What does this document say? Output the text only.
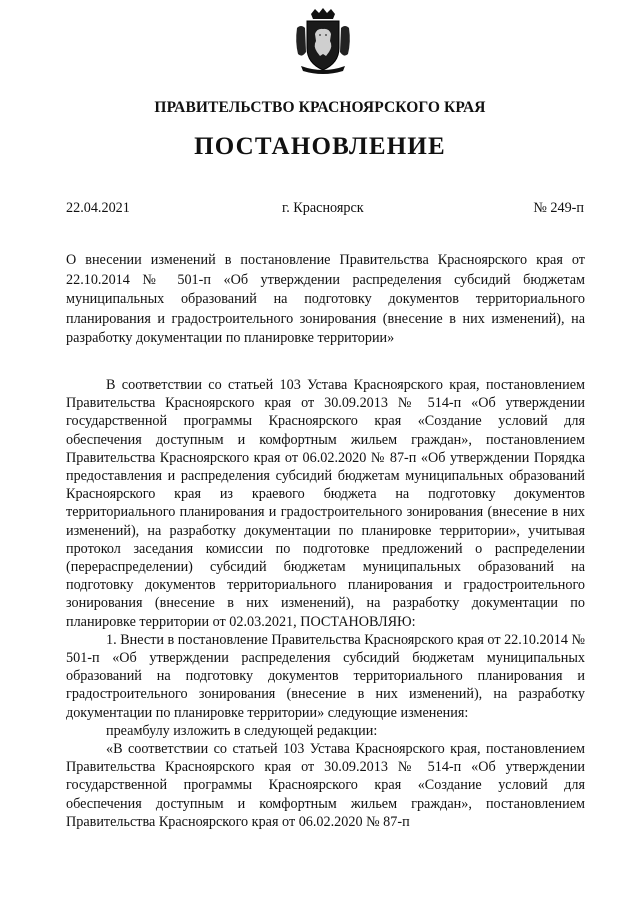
ПРАВИТЕЛЬСТВО КРАСНОЯРСКОГО КРАЯ
ПОСТАНОВЛЕНИЕ
22.04.2021	г. Красноярск	№ 249-п
О внесении изменений в постановление Правительства Красноярского края от 22.10.2014 № 501-п «Об утверждении распределения субсидий бюджетам муниципальных образований на подготовку документов территориального планирования и градостроительного зонирования (внесение в них изменений), на разработку документации по планировке территории»

В соответствии со статьей 103 Устава Красноярского края, постановлением Правительства Красноярского края от 30.09.2013 № 514-п «Об утверждении государственной программы Красноярского края «Создание условий для обеспечения доступным и комфортным жильем граждан», постановлением Правительства Красноярского края от 06.02.2020 № 87-п «Об утверждении Порядка предоставления и распределения субсидий бюджетам муниципальных образований Красноярского края из краевого бюджета на подготовку документов территориального планирования и градостроительного зонирования (внесение в них изменений), на разработку документации по планировке территории», учитывая протокол заседания комиссии по подготовке предложений о распределении (перераспределении) субсидий бюджетам муниципальных образований на подготовку документов территориального планирования и градостроительного зонирования (внесение в них изменений), на разработку документации по планировке территории от 02.03.2021, ПОСТАНОВЛЯЮ:

1. Внести в постановление Правительства Красноярского края от 22.10.2014 № 501-п «Об утверждении распределения субсидий бюджетам муниципальных образований на подготовку документов территориального планирования и градостроительного зонирования (внесение в них изменений), на разработку документации по планировке территории» следующие изменения:

преамбулу изложить в следующей редакции:

«В соответствии со статьей 103 Устава Красноярского края, постановлением Правительства Красноярского края от 30.09.2013 № 514-п «Об утверждении государственной программы Красноярского края «Создание условий для обеспечения доступным и комфортным жильем граждан», постановлением Правительства Красноярского края от 06.02.2020 № 87-п
